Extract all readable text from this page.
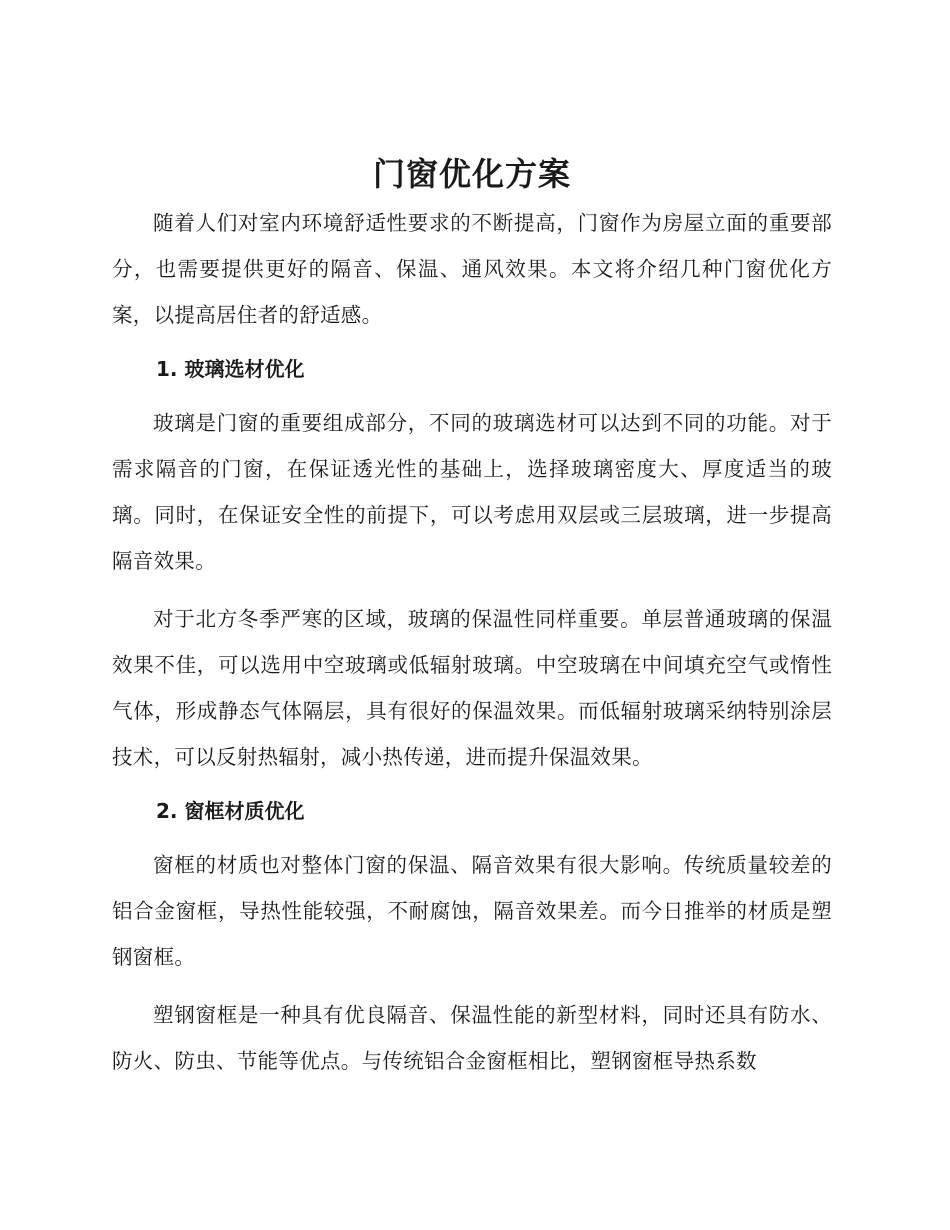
门窗优化方案

随着人们对室内环境舒适性要求的不断提高，门窗作为房屋立面的重要部分，也需要提供更好的隔音、保温、通风效果。本文将介绍几种门窗优化方案，以提高居住者的舒适感。

1. 玻璃选材优化

玻璃是门窗的重要组成部分，不同的玻璃选材可以达到不同的功能。对于需求隔音的门窗，在保证透光性的基础上，选择玻璃密度大、厚度适当的玻璃。同时，在保证安全性的前提下，可以考虑用双层或三层玻璃，进一步提高隔音效果。

对于北方冬季严寒的区域，玻璃的保温性同样重要。单层普通玻璃的保温效果不佳，可以选用中空玻璃或低辐射玻璃。中空玻璃在中间填充空气或惰性气体，形成静态气体隔层，具有很好的保温效果。而低辐射玻璃采纳特别涂层技术，可以反射热辐射，减小热传递，进而提升保温效果。

2. 窗框材质优化

窗框的材质也对整体门窗的保温、隔音效果有很大影响。传统质量较差的铝合金窗框，导热性能较强，不耐腐蚀，隔音效果差。而今日推举的材质是塑钢窗框。

塑钢窗框是一种具有优良隔音、保温性能的新型材料，同时还具有防水、防火、防虫、节能等优点。与传统铝合金窗框相比，塑钢窗框导热系数
